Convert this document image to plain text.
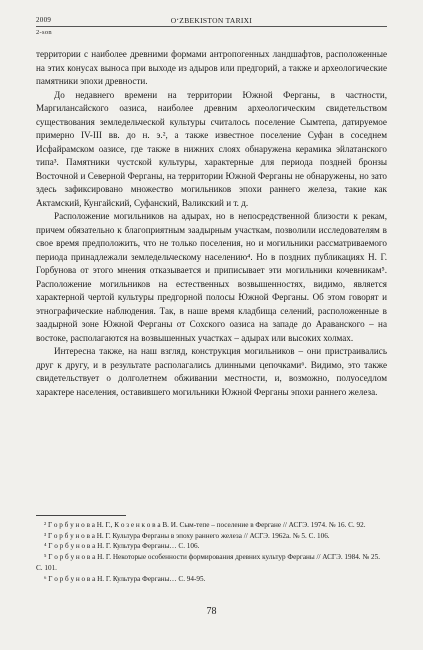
2009	O‘ZBEKISTON TARIXI
2-son

территории с наиболее древними формами антропогенных ландшафтов, расположенные на этих конусах выноса при выходе из адыров или предгорий, а также и археологические памятники эпохи древности.

До недавнего времени на территории Южной Ферганы, в частности, Маргилансайского оазиса, наиболее древним археологическим свидетельством существования земледельческой культуры считалось поселение Сымтепа, датируемое примерно IV-III вв. до н. э.², а также известное поселение Суфан в соседнем Исфайрамском оазисе, где также в нижних слоях обнаружена керамика эйлатанского типа³. Памятники чустской культуры, характерные для периода поздней бронзы Восточной и Северной Ферганы, на территории Южной Ферганы не обнаружены, но зато здесь зафиксировано множество могильников эпохи раннего железа, такие как Актамский, Кунгайский, Суфанский, Валикский и т. д.

Расположение могильников на адырах, но в непосредственной близости к рекам, причем обязательно к благоприятным заадырным участкам, позволили исследователям в свое время предположить, что не только поселения, но и могильники рассматриваемого периода принадлежали земледельческому населению⁴. Но в поздних публикациях Н. Г. Горбунова от этого мнения отказывается и приписывает эти могильники кочевникам⁵. Расположение могильников на естественных возвышенностях, видимо, является характерной чертой культуры предгорной полосы Южной Ферганы. Об этом говорят и этнографические наблюдения. Так, в наше время кладбища селений, расположенные в заадырной зоне Южной Ферганы от Сохского оазиса на западе до Араванского – на востоке, располагаются на возвышенных участках – адырах или высоких холмах.

Интересна также, на наш взгляд, конструкция могильников – они пристраивались друг к другу, и в результате располагались длинными цепочками⁶. Видимо, это также свидетельствует о долголетнем обживании местности, и, возможно, полуоседлом характере населения, оставившего могильники Южной Ферганы эпохи раннего железа.

² Г о р б у н о в а Н. Г., К о з е н к о в а В. И. Сым-тепе – поселение в Фергане // АСГЭ. 1974. № 16. С. 92.

³ Г о р б у н о в а Н. Г. Культура Ферганы в эпоху раннего железа // АСГЭ. 1962а. № 5. С. 106.

⁴ Г о р б у н о в а Н. Г. Культура Ферганы… С. 106.

⁵ Г о р б у н о в а Н. Г. Некоторые особенности формирования древних культур Ферганы // АСГЭ. 1984. № 25. С. 101.

⁶ Г о р б у н о в а Н. Г. Культура Ферганы… С. 94-95.

78
